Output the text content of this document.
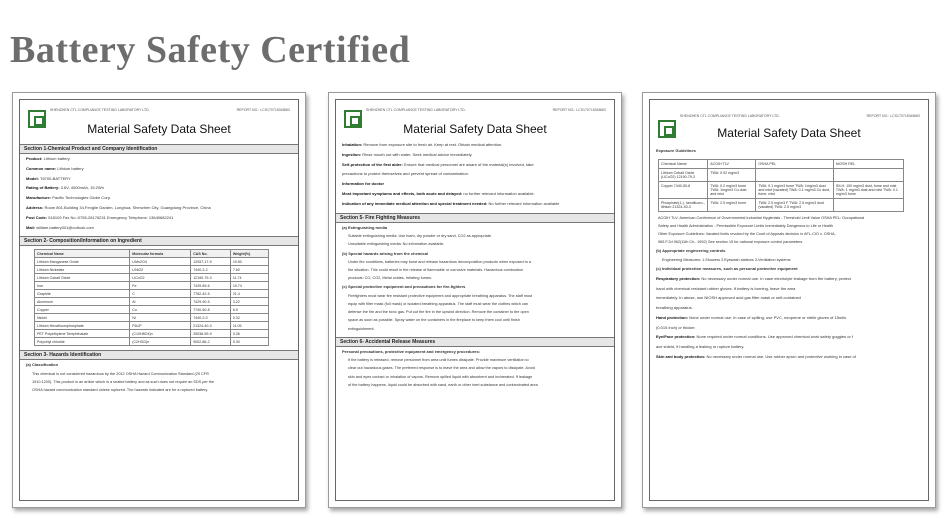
Battery Safety Certified
SHENZHEN CTL COMPLIANCE TESTING LABORATORY LTD.	REPORT NO.: LCS170715045MD
Material Safety Data Sheet
Section 1-Chemical Product and Company Identification
Product: Lithium battery
Common name: Lithium battery
Model: T6700-BATTERY
Rating of Battery: 3.6V, 4000mAh, 15.2Wh
Manufacture: Pacific Technologies Globe Corp.
Address: Room 801,Building 34,Fenglie Garden, Longhua, Shenzhen City, Guangdong Province, China
Post Code: 518109 Fax No.:0755-28176231 Emergency Telephone: 13640682241
Mail: william.battery001@outlook.com
Section 2- Composition/Information on Ingredient
Chemical Name	Molecular formula	CAS No.	Weight(%)
Lithium Manganese Oxide	LiMn2O4	12057-17-9	19.50
Lithium Nickelate	LiNiO2	7440-3-2	7.60
Lithium Cobalt Oxide	LiCoO2	12190-79-3	11.74
Iron	Fe	7439-89-6	19.74
Graphite	C	7782-42-5	21.4
Aluminum	Al	7429-90-5	3.22
Copper	Cu	7740-50-8	6.5
Nickel	Ni	7440-2-0	0.32
Lithium Hexafluorophosphate	F6LiP	21324-40-3	11.05
PET Polyethylene Terephthalate	(C10H8O4)n	25038-59-9	0.26
Polyvinyl chloride	(C2H3Cl)n	9002-86-2	0.30
Section 3- Hazards Identification
(a) Classification
This chemical is not considered hazardous by the 2012 OSHA Hazard Communication Standard (29 CFR
1910.1200). This product is an article which is a sealed battery and as such does not require an SDS per the
OSHA hazard communication standard unless ruptured. The hazards indicated are for a ruptured battery.
SHENZHEN CTL COMPLIANCE TESTING LABORATORY LTD.	REPORT NO.: LCS170715045MD
Material Safety Data Sheet
Inhalation: Remove from exposure site to fresh air. Keep at rest. Obtain medical attention.
Ingestion: Rinse mouth out with water. Seek medical advice immediately.
Self-protection of the first aider: Ensure that medical personnel are aware of the material(s) involved, take
precautions to protect themselves and prevent spread of contamination.
Information for doctor
Most important symptoms and effects, both acute and delayed: no further relevant information available.
Indication of any immediate medical attention and special treatment needed: No further relevant information available
Section 5- Fire Fighting Measures
(a) Extinguishing media
Suitable extinguishing media: Use foam, dry powder or dry sand, CO2 as appropriate.
Unsuitable extinguishing media: No information available.
(b) Special hazards arising from the chemical
Under fire conditions, batteries may burst and release hazardous decomposition products when exposed to a
fire situation. This could result in the release of flammable or corrosive materials. Hazardous combustion
products: CO, CO2, Metal oxides, Irritating fumes.
(c) Special protective equipment and precautions for fire-fighters
Firefighters must wear fire resistant protective equipment and appropriate breathing apparatus. The staff must
equip with filter mask (full mask) or isolated breathing apparatus. The staff must wear the clothes which can
defense the fire and the toxic gas. Put out the fire in the upwind direction. Remove the container to the open
space as soon as possible. Spray water on the containers in the fireplace to keep them cool until finish
extinguishment.
Section 6- Accidental Release Measures
Personal precautions, protective equipment and emergency procedures:
If the battery is released, remove personnel from area until fumes dissipate. Provide maximum ventilation to
clear out hazardous gases. The preferred response is to leave the area and allow the vapors to dissipate. Avoid
skin and eyes contact or inhalation of vapors. Remove spilled liquid with absorbent and incinerated. If leakage
of the battery happens, liquid could be absorbed with sand, earth or other inert substance and contaminated area
SHENZHEN CTL COMPLIANCE TESTING LABORATORY LTD.	REPORT NO.: LCS170715045MD
Material Safety Data Sheet
Exposure Guidelines
Chemical Name	ACGIH TLV	OSHA PEL	NIOSH REL
Lithium Cobalt Oxide (LiCoO2) 12190-79-3	TWA: 0.02 mg/m3		
Copper 7440-50-8	TWA: 0.2 mg/m3 fume TWA: 1mg/m3 Cu dust and mist	TWA: 0.1 mg/m3 fume TWA: 1mg/m3 dust and mist (vacated) TWA: 0.1 mg/m3 Cu dust, fume, mist	IDLH: 100 mg/m3 dust, fume and mist TWA: 1 mg/m3 dust and mist TWA: 0.1 mg/m3 fume
Phosphate(1-), hexafluoro-, lithium 21324-40-3	TWA: 2.5 mg/m3 fume	TWA: 2.5 mg/m3 F TWA: 2.5 mg/m3 dust (vacated) TWA: 2.5 mg/m3	
ACGIH TLV: American Conference of Governmental Industrial Hygienists - Threshold Limit Value OSHA PEL: Occupational
Safety and Health Administration - Permissible Exposure Limits Immediately Dangerous to Life or Health
Other Exposure Guidelines: Vacated limits revoked by the Court of Appeals decision in AFL-CIO v. OSHA,
965 F.2d 962(11th Cir., 1992) See section 15 for national exposure control parameters
(b) Appropriate engineering controls
Engineering Measures: 1.Showers 2.Eyewash stations 3.Ventilation systems
(c) Individual protection measures, such as personal protective equipment
Respiratory protection: No necessary under normal use. In case electrolyte leakage from the battery, protect
hand with chemical resistant rubber gloves. If battery is burning, leave the area
immediately. In abuse, use NIOSH approved acid gas filter mask or self-contained
breathing apparatus.
Hand protection: None under normal use. In case of spilling, use PVC, neoprene or nitrile gloves of 15mils
(0.015 inch) or thicker.
Eye/Face protection: None required under normal conditions. Use approved chemical work safety goggles or f
ace shield, if handling a leaking or rupture battery.
Skin and body protection: No necessary under normal use. Use rubber apron and protective working in case of
